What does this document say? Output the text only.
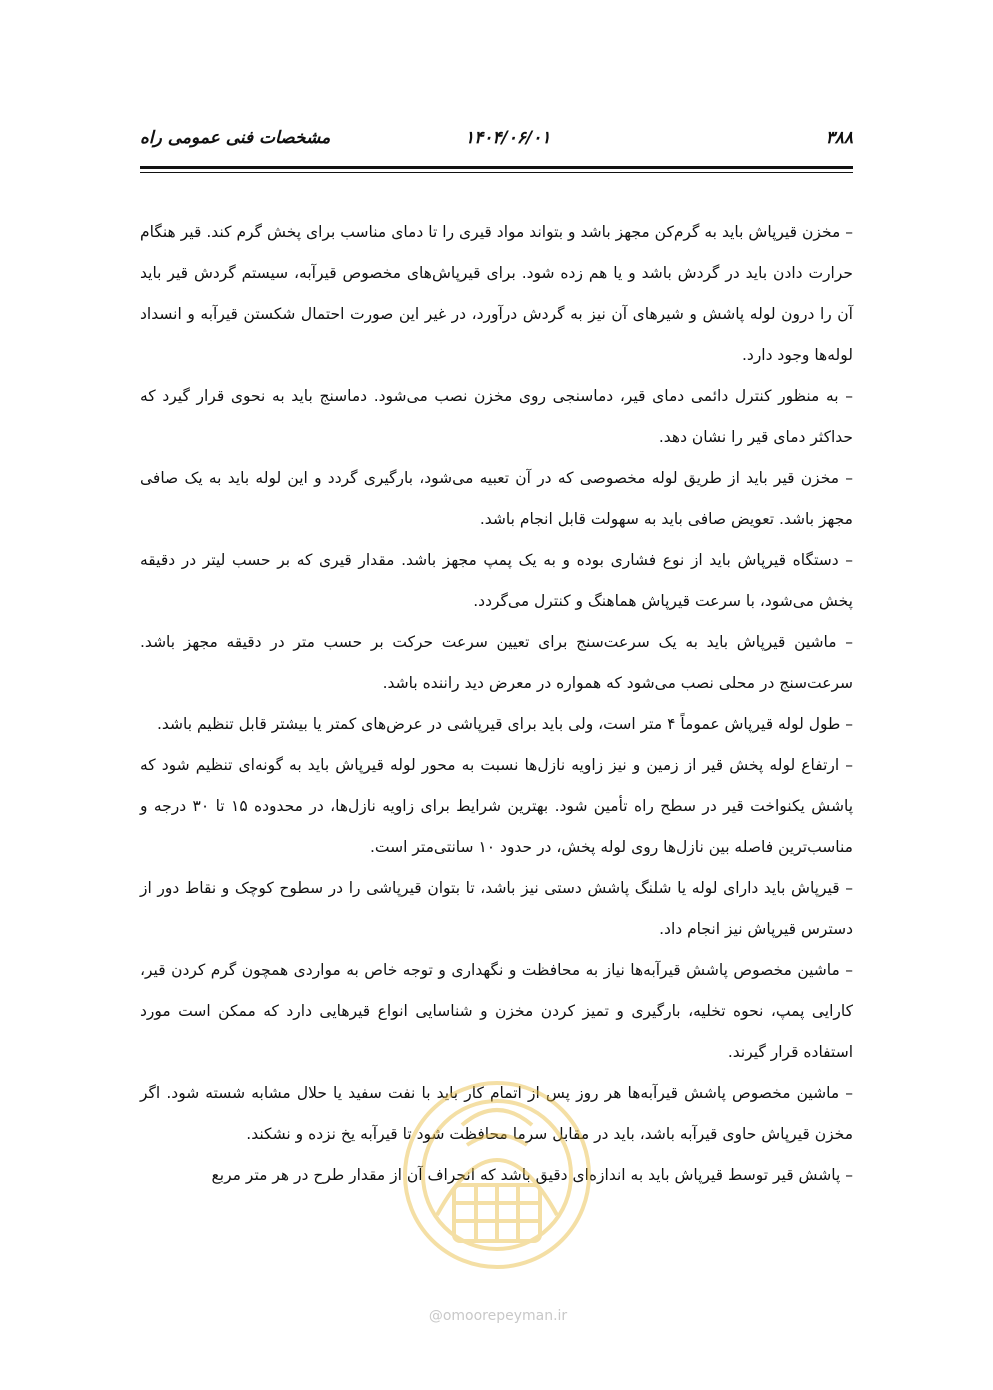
مشخصات فنی عمومی راه	۱۴۰۴/۰۶/۰۱	۳۸۸

– مخزن قیرپاش باید به گرم‌کن مجهز باشد و بتواند مواد قیری را تا دمای مناسب برای پخش گرم کند. قیر هنگام حرارت دادن باید در گردش باشد و یا هم زده شود. برای قیرپاش‌های مخصوص قیرآبه، سیستم گردش قیر باید آن را درون لوله پاشش و شیرهای آن نیز به گردش درآورد، در غیر این صورت احتمال شکستن قیرآبه و انسداد لوله‌ها وجود دارد.

– به منظور کنترل دائمی دمای قیر، دماسنجی روی مخزن نصب می‌شود. دماسنج باید به نحوی قرار گیرد که حداکثر دمای قیر را نشان دهد.

– مخزن قیر باید از طریق لوله مخصوصی که در آن تعبیه می‌شود، بارگیری گردد و این لوله باید به یک صافی مجهز باشد. تعویض صافی باید به سهولت قابل انجام باشد.

– دستگاه قیرپاش باید از نوع فشاری بوده و به یک پمپ مجهز باشد. مقدار قیری که بر حسب لیتر در دقیقه پخش می‌شود، با سرعت قیرپاش هماهنگ و کنترل می‌گردد.

– ماشین قیرپاش باید به یک سرعت‌سنج برای تعیین سرعت حرکت بر حسب متر در دقیقه مجهز باشد. سرعت‌سنج در محلی نصب می‌شود که همواره در معرض دید راننده باشد.

– طول لوله قیرپاش عموماً ۴ متر است، ولی باید برای قیرپاشی در عرض‌های کمتر یا بیشتر قابل تنظیم باشد.

– ارتفاع لوله پخش قیر از زمین و نیز زاویه نازل‌ها نسبت به محور لوله قیرپاش باید به گونه‌ای تنظیم شود که پاشش یکنواخت قیر در سطح راه تأمین شود. بهترین شرایط برای زاویه نازل‌ها، در محدوده ۱۵ تا ۳۰ درجه و مناسب‌ترین فاصله بین نازل‌ها روی لوله پخش، در حدود ۱۰ سانتی‌متر است.

– قیرپاش باید دارای لوله یا شلنگ پاشش دستی نیز باشد، تا بتوان قیرپاشی را در سطوح کوچک و نقاط دور از دسترس قیرپاش نیز انجام داد.

– ماشین مخصوص پاشش قیرآبه‌ها نیاز به محافظت و نگهداری و توجه خاص به مواردی همچون گرم کردن قیر، کارایی پمپ، نحوه تخلیه، بارگیری و تمیز کردن مخزن و شناسایی انواع قیرهایی دارد که ممکن است مورد استفاده قرار گیرند.

– ماشین مخصوص پاشش قیرآبه‌ها هر روز پس از اتمام کار باید با نفت سفید یا حلال مشابه شسته شود. اگر مخزن قیرپاش حاوی قیرآبه باشد، باید در مقابل سرما محافظت شود تا قیرآبه یخ نزده و نشکند.

– پاشش قیر توسط قیرپاش باید به اندازه‌ای دقیق باشد که انحراف آن از مقدار طرح در هر متر مربع

@omoorepeyman.ir
